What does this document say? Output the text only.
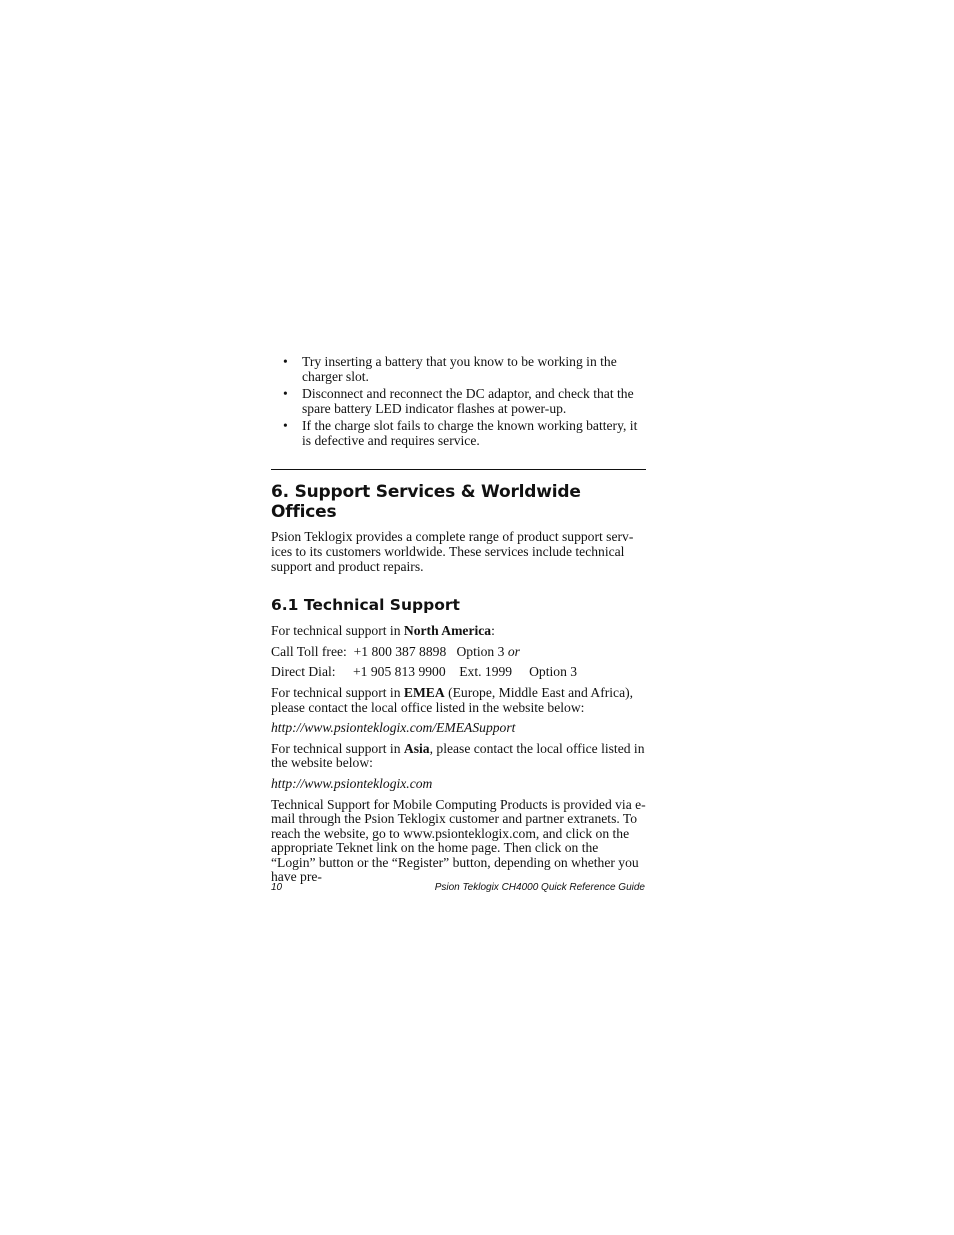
• Try inserting a battery that you know to be working in the charger slot.
• Disconnect and reconnect the DC adaptor, and check that the spare battery LED indicator flashes at power-up.
• If the charge slot fails to charge the known working battery, it is defective and requires service.
6. Support Services & Worldwide Offices

Psion Teklogix provides a complete range of product support serv-ices to its customers worldwide. These services include technical support and product repairs.

6.1 Technical Support

For technical support in North America:

Call Toll free: +1 800 387 8898 Option 3 or

Direct Dial: +1 905 813 9900 Ext. 1999 Option 3

For technical support in EMEA (Europe, Middle East and Africa), please contact the local office listed in the website below:

http://www.psionteklogix.com/EMEASupport

For technical support in Asia, please contact the local office listed in the website below:

http://www.psionteklogix.com

Technical Support for Mobile Computing Products is provided via e-mail through the Psion Teklogix customer and partner extranets. To reach the website, go to www.psionteklogix.com, and click on the appropriate Teknet link on the home page. Then click on the “Login” button or the “Register” button, depending on whether you have pre-

10	Psion Teklogix CH4000 Quick Reference Guide
